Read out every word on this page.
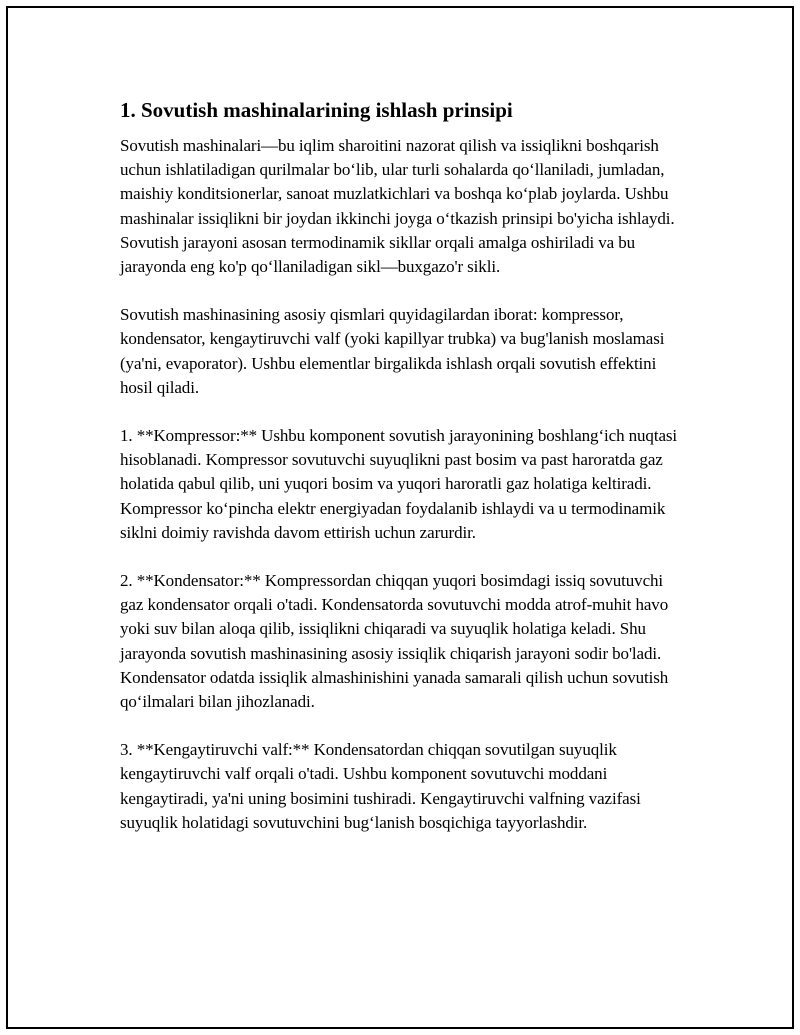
1. Sovutish mashinalarining ishlash prinsipi

Sovutish mashinalari—bu iqlim sharoitini nazorat qilish va issiqlikni boshqarish uchun ishlatiladigan qurilmalar boʻlib, ular turli sohalarda qoʻllaniladi, jumladan, maishiy konditsionerlar, sanoat muzlatkichlari va boshqa koʻplab joylarda. Ushbu mashinalar issiqlikni bir joydan ikkinchi joyga oʻtkazish prinsipi bo'yicha ishlaydi. Sovutish jarayoni asosan termodinamik sikllar orqali amalga oshiriladi va bu jarayonda eng ko'p qoʻllaniladigan sikl—buxgazo'r sikli.

Sovutish mashinasining asosiy qismlari quyidagilardan iborat: kompressor, kondensator, kengaytiruvchi valf (yoki kapillyar trubka) va bug'lanish moslamasi (ya'ni, evaporator). Ushbu elementlar birgalikda ishlash orqali sovutish effektini hosil qiladi.

1. **Kompressor:** Ushbu komponent sovutish jarayonining boshlangʻich nuqtasi hisoblanadi. Kompressor sovutuvchi suyuqlikni past bosim va past haroratda gaz holatida qabul qilib, uni yuqori bosim va yuqori haroratli gaz holatiga keltiradi. Kompressor koʻpincha elektr energiyadan foydalanib ishlaydi va u termodinamik siklni doimiy ravishda davom ettirish uchun zarurdir.

2. **Kondensator:** Kompressordan chiqqan yuqori bosimdagi issiq sovutuvchi gaz kondensator orqali o'tadi. Kondensatorda sovutuvchi modda atrof-muhit havo yoki suv bilan aloqa qilib, issiqlikni chiqaradi va suyuqlik holatiga keladi. Shu jarayonda sovutish mashinasining asosiy issiqlik chiqarish jarayoni sodir bo'ladi. Kondensator odatda issiqlik almashinishini yanada samarali qilish uchun sovutish qoʻilmalari bilan jihozlanadi.

3. **Kengaytiruvchi valf:** Kondensatordan chiqqan sovutilgan suyuqlik kengaytiruvchi valf orqali o'tadi. Ushbu komponent sovutuvchi moddani kengaytiradi, ya'ni uning bosimini tushiradi. Kengaytiruvchi valfning vazifasi suyuqlik holatidagi sovutuvchini bugʻlanish bosqichiga tayyorlashdir.
